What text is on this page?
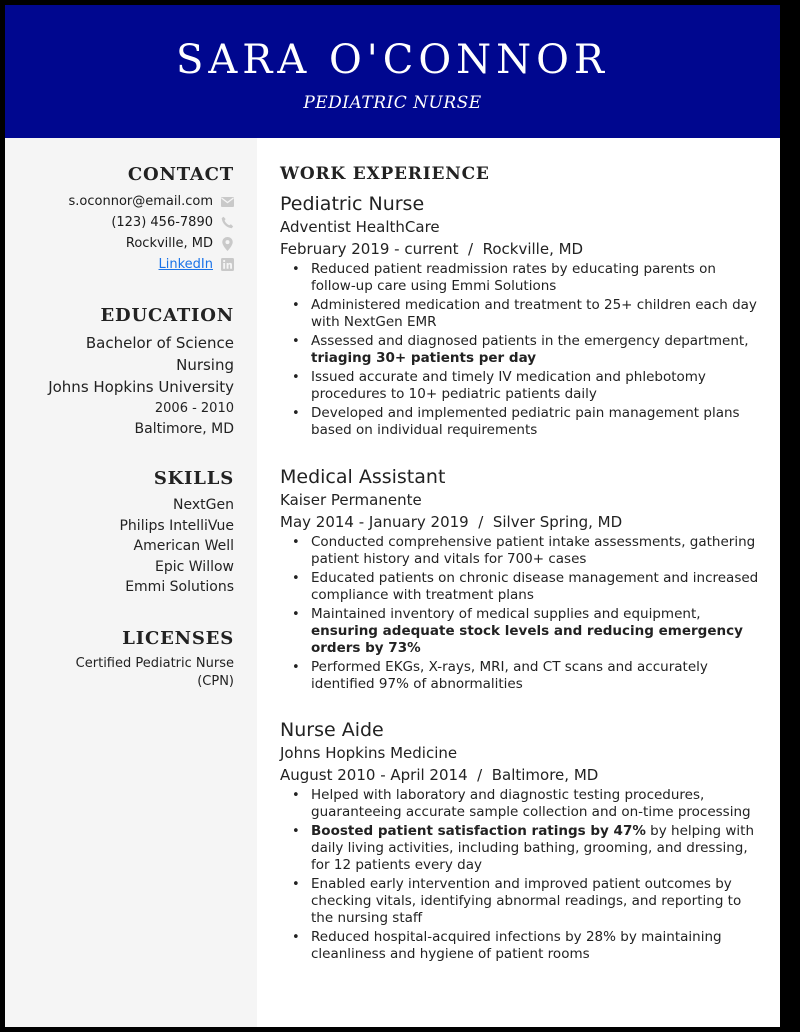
SARA O'CONNOR
PEDIATRIC NURSE
CONTACT
s.oconnor@email.com
(123) 456-7890
Rockville, MD
LinkedIn
EDUCATION
Bachelor of Science
Nursing
Johns Hopkins University
2006 - 2010
Baltimore, MD
SKILLS
NextGen
Philips IntelliVue
American Well
Epic Willow
Emmi Solutions
LICENSES
Certified Pediatric Nurse
(CPN)
WORK EXPERIENCE
Pediatric Nurse
Adventist HealthCare
February 2019 - current  /  Rockville, MD
• Reduced patient readmission rates by educating parents on follow-up care using Emmi Solutions
• Administered medication and treatment to 25+ children each day with NextGen EMR
• Assessed and diagnosed patients in the emergency department, triaging 30+ patients per day
• Issued accurate and timely IV medication and phlebotomy procedures to 10+ pediatric patients daily
• Developed and implemented pediatric pain management plans based on individual requirements
Medical Assistant
Kaiser Permanente
May 2014 - January 2019  /  Silver Spring, MD
• Conducted comprehensive patient intake assessments, gathering patient history and vitals for 700+ cases
• Educated patients on chronic disease management and increased compliance with treatment plans
• Maintained inventory of medical supplies and equipment, ensuring adequate stock levels and reducing emergency orders by 73%
• Performed EKGs, X-rays, MRI, and CT scans and accurately identified 97% of abnormalities
Nurse Aide
Johns Hopkins Medicine
August 2010 - April 2014  /  Baltimore, MD
• Helped with laboratory and diagnostic testing procedures, guaranteeing accurate sample collection and on-time processing
• Boosted patient satisfaction ratings by 47% by helping with daily living activities, including bathing, grooming, and dressing, for 12 patients every day
• Enabled early intervention and improved patient outcomes by checking vitals, identifying abnormal readings, and reporting to the nursing staff
• Reduced hospital-acquired infections by 28% by maintaining cleanliness and hygiene of patient rooms
